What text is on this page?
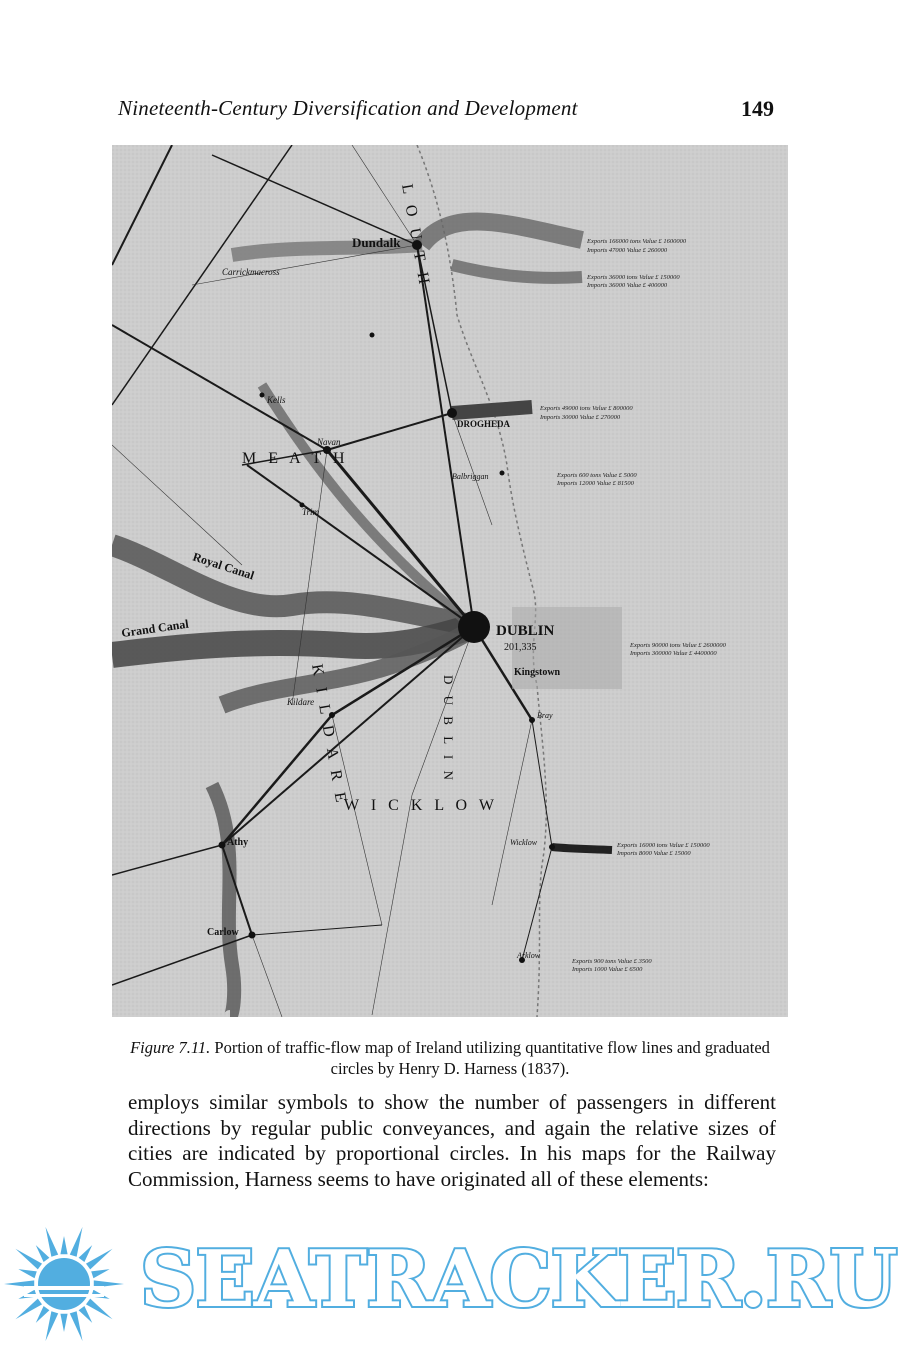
Nineteenth-Century Diversification and Development	149
Dundalk
DUBLIN
201,335
Kingstown
Kells
Trim
Navan
Carrickmacross
DROGHEDA
Balbriggan
Bray
Wicklow
Arklow
Athy
Carlow
Kildare
Grand Canal
Royal Canal
M E A T H
W I C K L O W
L O U T H
K I L D A R E	D U B L I N
Exports 166000 tons Value £ 1600000
Imports 47000 Value £ 260000
Exports 36000 tons Value £ 150000
Imports 36000 Value £ 400000
Exports 49000 tons Value £ 800000
Imports 30000 Value £ 270000
Exports 600 tons Value £ 5000
Imports 12000 Value £ 81500
Exports 90000 tons Value £ 2600000
Imports 300000 Value £ 4400000
Exports 16000 tons Value £ 150000
Imports 8000 Value £ 15000
Exports 900 tons Value £ 3500
Imports 1000 Value £ 6500
Figure 7.11. Portion of traffic-flow map of Ireland utilizing quantitative flow lines and graduated circles by Henry D. Harness (1837).
employs similar symbols to show the number of passengers in different directions by regular public conveyances, and again the relative sizes of cities are indicated by proportional circles. In his maps for the Railway Commission, Harness seems to have originated all of these elements:
SEATRACKER.RU
